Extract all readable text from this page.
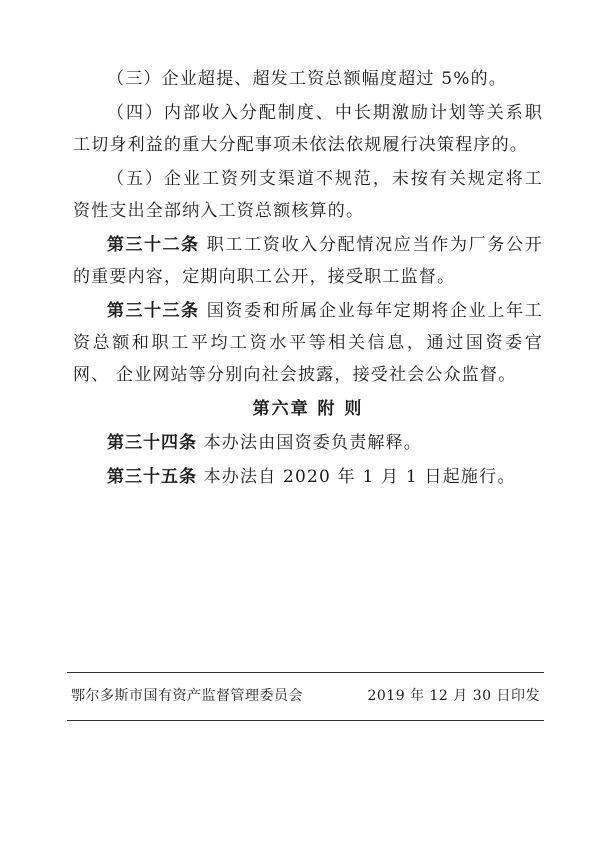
（三）企业超提、超发工资总额幅度超过 5%的。

（四）内部收入分配制度、中长期激励计划等关系职工切身利益的重大分配事项未依法依规履行决策程序的。

（五）企业工资列支渠道不规范，未按有关规定将工资性支出全部纳入工资总额核算的。

第三十二条 职工工资收入分配情况应当作为厂务公开的重要内容，定期向职工公开，接受职工监督。

第三十三条 国资委和所属企业每年定期将企业上年工资总额和职工平均工资水平等相关信息，通过国资委官网、 企业网站等分别向社会披露，接受社会公众监督。

第六章 附 则

第三十四条 本办法由国资委负责解释。

第三十五条 本办法自 2020 年 1 月 1 日起施行。

鄂尔多斯市国有资产监督管理委员会	2019 年 12 月 30 日印发
